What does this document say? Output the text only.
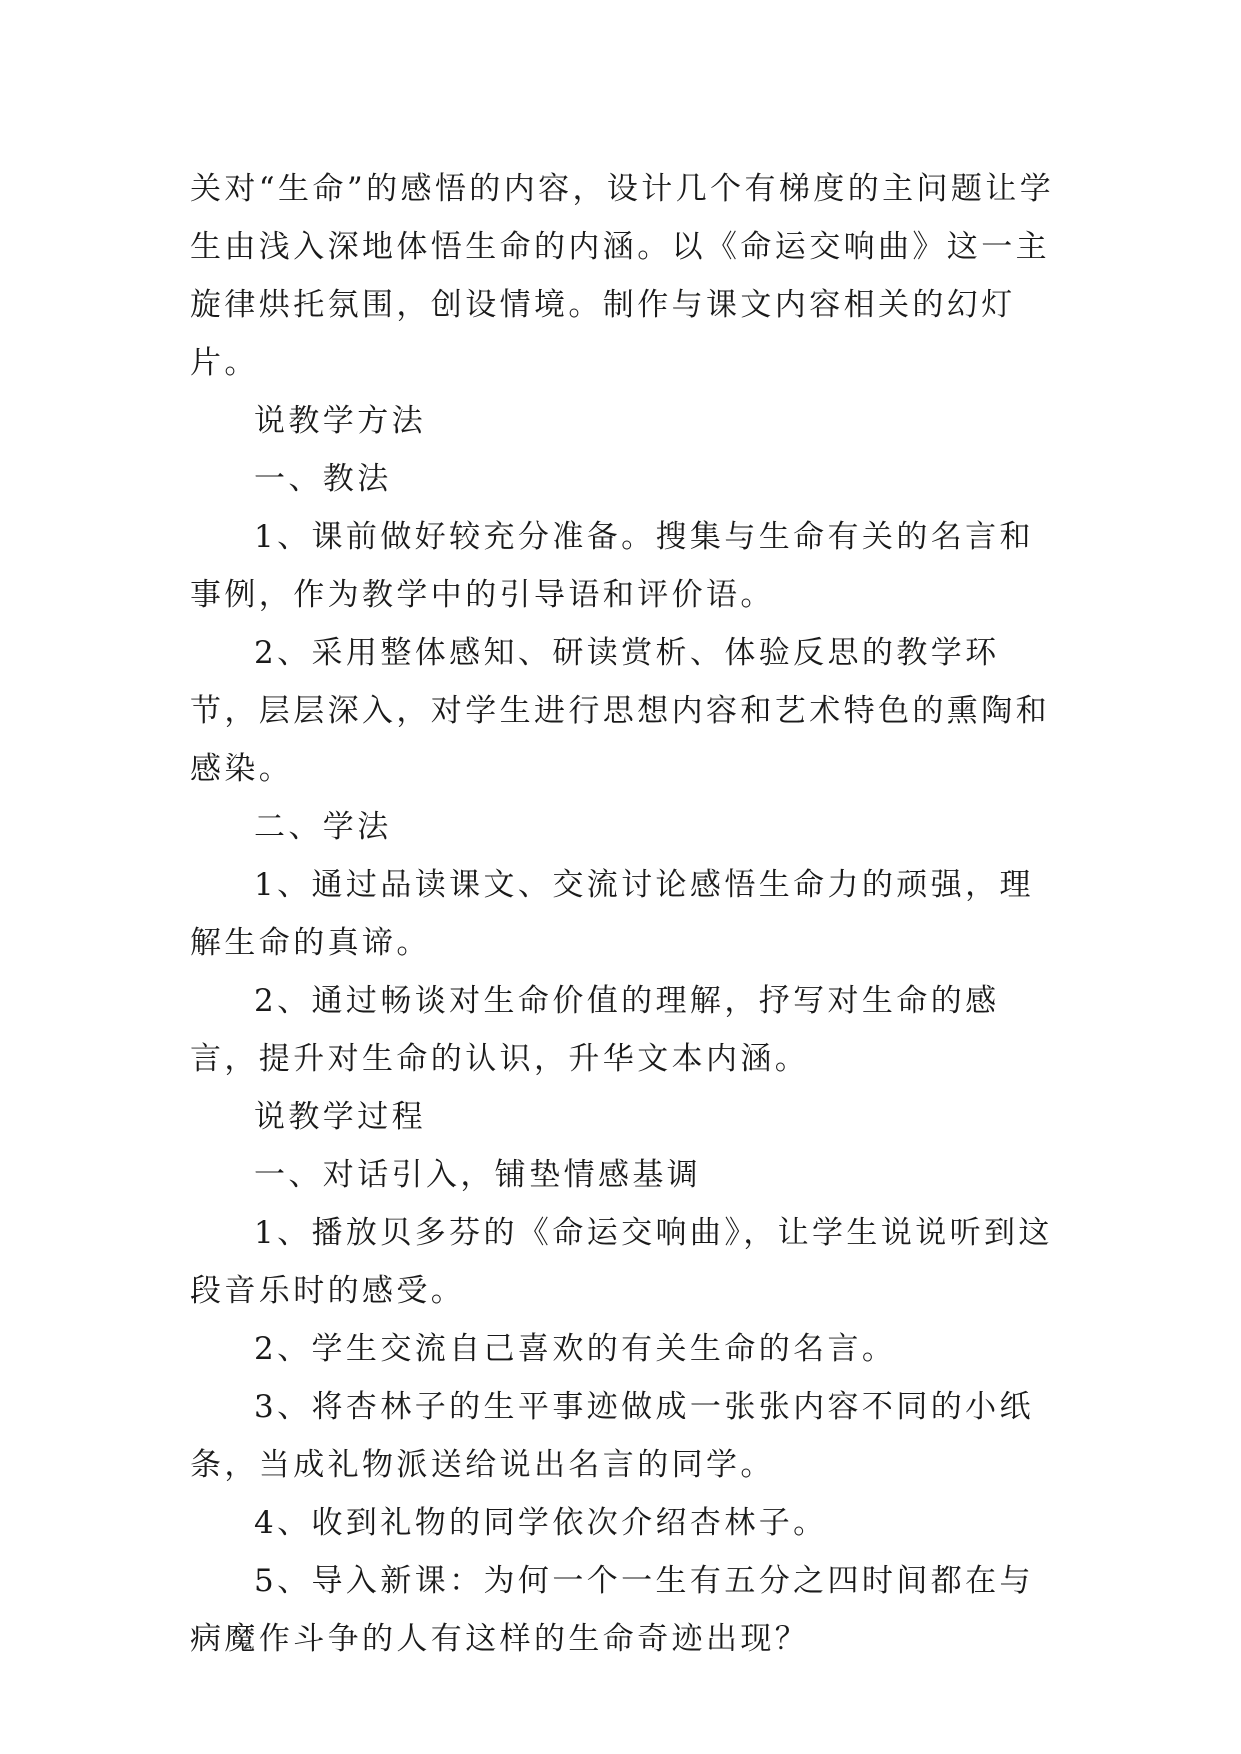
关对“生命”的感悟的内容，设计几个有梯度的主问题让学生由浅入深地体悟生命的内涵。以《命运交响曲》这一主旋律烘托氛围，创设情境。制作与课文内容相关的幻灯片。

说教学方法

一、教法

1、课前做好较充分准备。搜集与生命有关的名言和事例，作为教学中的引导语和评价语。

2、采用整体感知、研读赏析、体验反思的教学环节，层层深入，对学生进行思想内容和艺术特色的熏陶和感染。

二、学法

1、通过品读课文、交流讨论感悟生命力的顽强，理解生命的真谛。

2、通过畅谈对生命价值的理解，抒写对生命的感言，提升对生命的认识，升华文本内涵。

说教学过程

一、对话引入，铺垫情感基调

1、播放贝多芬的《命运交响曲》，让学生说说听到这段音乐时的感受。

2、学生交流自己喜欢的有关生命的名言。

3、将杏林子的生平事迹做成一张张内容不同的小纸条，当成礼物派送给说出名言的同学。

4、收到礼物的同学依次介绍杏林子。

5、导入新课：为何一个一生有五分之四时间都在与病魔作斗争的人有这样的生命奇迹出现？
